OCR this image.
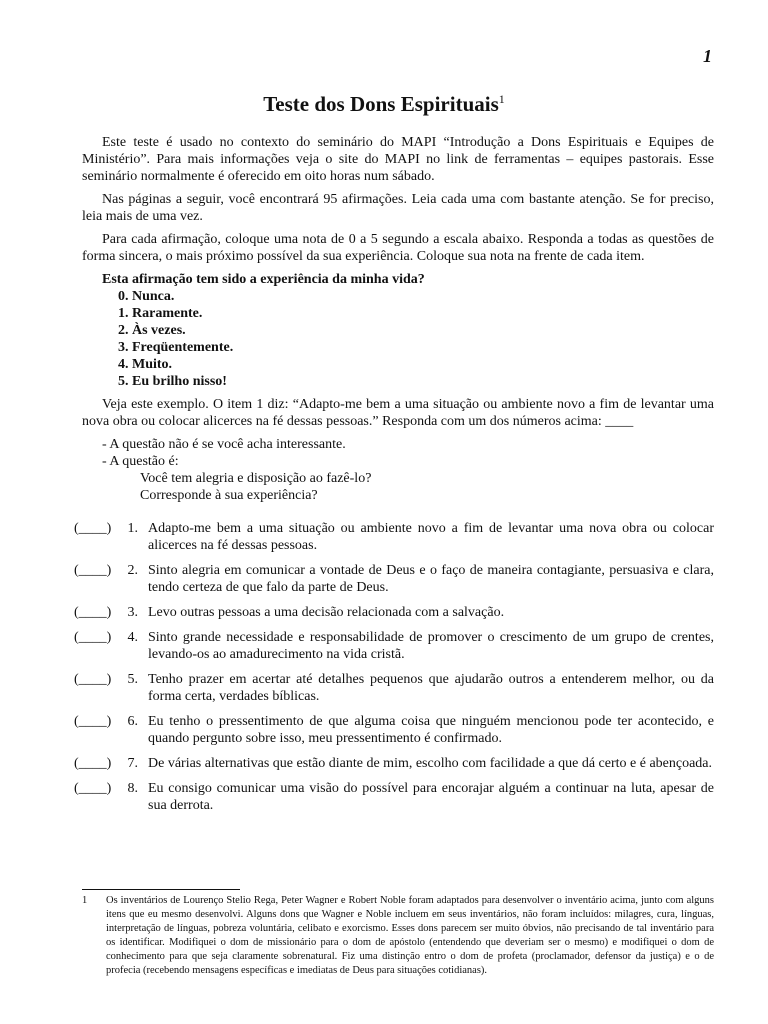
1
Teste dos Dons Espirituais$^1$

Este teste é usado no contexto do seminário do MAPI “Introdução a Dons Espirituais e Equipes de Ministério”. Para mais informações veja o site do MAPI no link de ferramentas – equipes pastorais. Esse seminário normalmente é oferecido em oito horas num sábado.

Nas páginas a seguir, você encontrará 95 afirmações. Leia cada uma com bastante atenção. Se for preciso, leia mais de uma vez.

Para cada afirmação, coloque uma nota de 0 a 5 segundo a escala abaixo. Responda a todas as questões de forma sincera, o mais próximo possível da sua experiência. Coloque sua nota na frente de cada item.

Esta afirmação tem sido a experiência da minha vida?
0. Nunca.
1. Raramente.
2. Às vezes.
3. Freqüentemente.
4. Muito.
5. Eu brilho nisso!

Veja este exemplo. O item 1 diz: “Adapto-me bem a uma situação ou ambiente novo a fim de levantar uma nova obra ou colocar alicerces na fé dessas pessoas.” Responda com um dos números acima: ____

- A questão não é se você acha interessante.
- A questão é:
Você tem alegria e disposição ao fazê-lo?
Corresponde à sua experiência?
(____)	1. Adapto-me bem a uma situação ou ambiente novo a fim de levantar uma nova obra ou colocar alicerces na fé dessas pessoas.
(____)	2. Sinto alegria em comunicar a vontade de Deus e o faço de maneira contagiante, persuasiva e clara, tendo certeza de que falo da parte de Deus.
(____)	3. Levo outras pessoas a uma decisão relacionada com a salvação.
(____)	4. Sinto grande necessidade e responsabilidade de promover o crescimento de um grupo de crentes, levando-os ao amadurecimento na vida cristã.
(____)	5. Tenho prazer em acertar até detalhes pequenos que ajudarão outros a entenderem melhor, ou da forma certa, verdades bíblicas.
(____)	6. Eu tenho o pressentimento de que alguma coisa que ninguém mencionou pode ter acontecido, e quando pergunto sobre isso, meu pressentimento é confirmado.
(____)	7. De várias alternativas que estão diante de mim, escolho com facilidade a que dá certo e é abençoada.
(____)	8. Eu consigo comunicar uma visão do possível para encorajar alguém a continuar na luta, apesar de sua derrota.
1 Os inventários de Lourenço Stelio Rega, Peter Wagner e Robert Noble foram adaptados para desenvolver o inventário acima, junto com alguns itens que eu mesmo desenvolvi. Alguns dons que Wagner e Noble incluem em seus inventários, não foram incluídos: milagres, cura, línguas, interpretação de línguas, pobreza voluntária, celibato e exorcismo. Esses dons parecem ser muito óbvios, não precisando de tal inventário para os identificar. Modifiquei o dom de missionário para o dom de apóstolo (entendendo que deveriam ser o mesmo) e modifiquei o dom de conhecimento para que seja claramente sobrenatural. Fiz uma distinção entro o dom de profeta (proclamador, defensor da justiça) e o de profecia (recebendo mensagens específicas e imediatas de Deus para situações cotidianas).
